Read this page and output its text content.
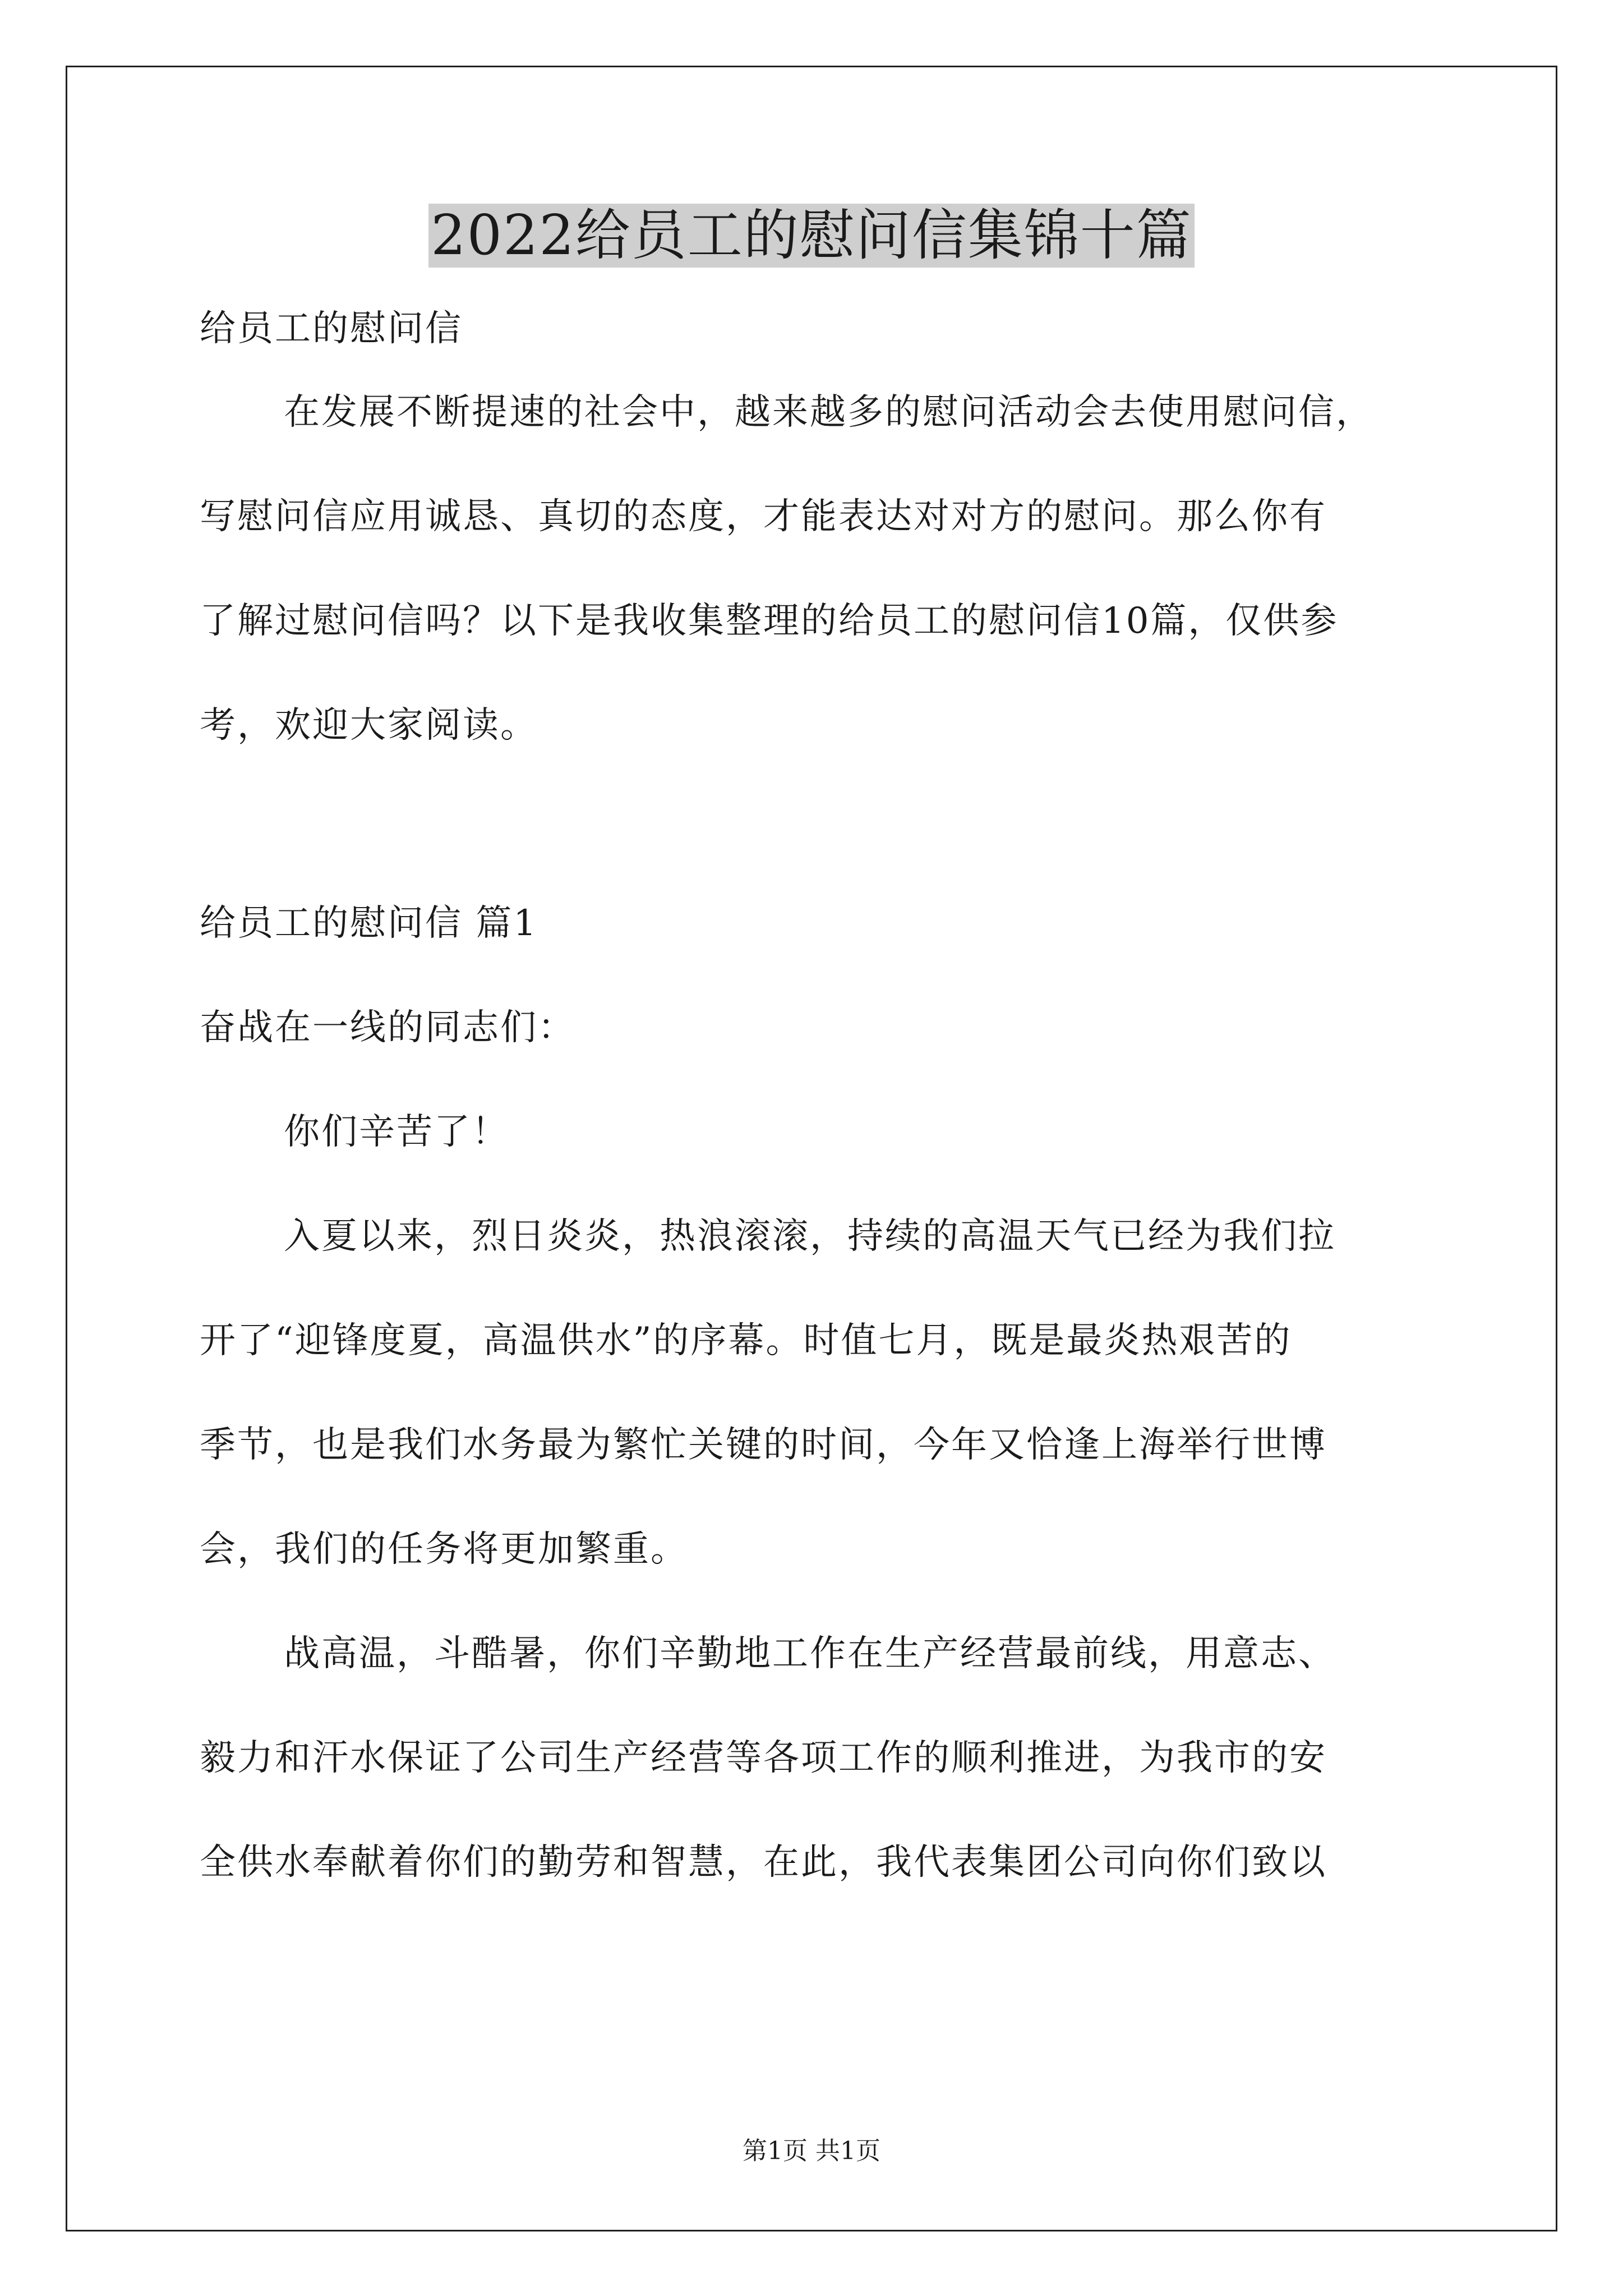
2022给员工的慰问信集锦十篇

给员工的慰问信

在发展不断提速的社会中，越来越多的慰问活动会去使用慰问信，

写慰问信应用诚恳、真切的态度，才能表达对对方的慰问。那么你有

了解过慰问信吗？以下是我收集整理的给员工的慰问信10篇，仅供参

考，欢迎大家阅读。

给员工的慰问信 篇1

奋战在一线的同志们：

你们辛苦了！

入夏以来，烈日炎炎，热浪滚滚，持续的高温天气已经为我们拉

开了“迎锋度夏，高温供水”的序幕。时值七月，既是最炎热艰苦的

季节，也是我们水务最为繁忙关键的时间，今年又恰逢上海举行世博

会，我们的任务将更加繁重。

战高温，斗酷暑，你们辛勤地工作在生产经营最前线，用意志、

毅力和汗水保证了公司生产经营等各项工作的顺利推进，为我市的安

全供水奉献着你们的勤劳和智慧，在此，我代表集团公司向你们致以

第1页 共1页
